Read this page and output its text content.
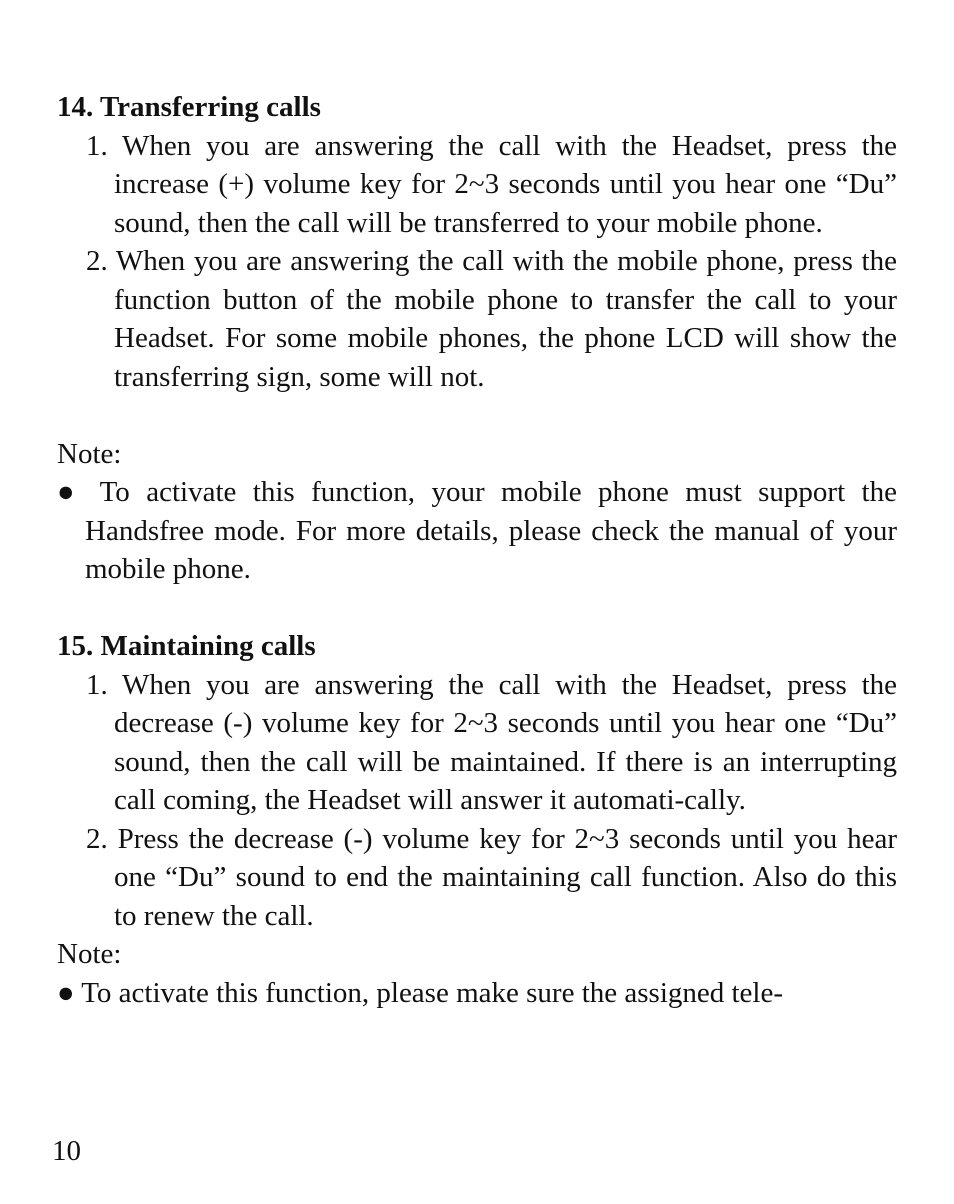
14. Transferring calls

1. When you are answering the call with the Headset, press the increase (+) volume key for 2~3 seconds until you hear one “Du” sound, then the call will be transferred to your mobile phone.

2. When you are answering the call with the mobile phone, press the function button of the mobile phone to transfer the call to your Headset. For some mobile phones, the phone LCD will show the transferring sign, some will not.

Note:

● To activate this function, your mobile phone must support the Handsfree mode. For more details, please check the manual of your mobile phone.

15. Maintaining calls

1. When you are answering the call with the Headset, press the decrease (-) volume key for 2~3 seconds until you hear one “Du” sound, then the call will be maintained. If there is an interrupting call coming, the Headset will answer it automati-cally.

2. Press the decrease (-) volume key for 2~3 seconds until you hear one “Du” sound to end the maintaining call function. Also do this to renew the call.

Note:

● To activate this function, please make sure the assigned tele-

10
